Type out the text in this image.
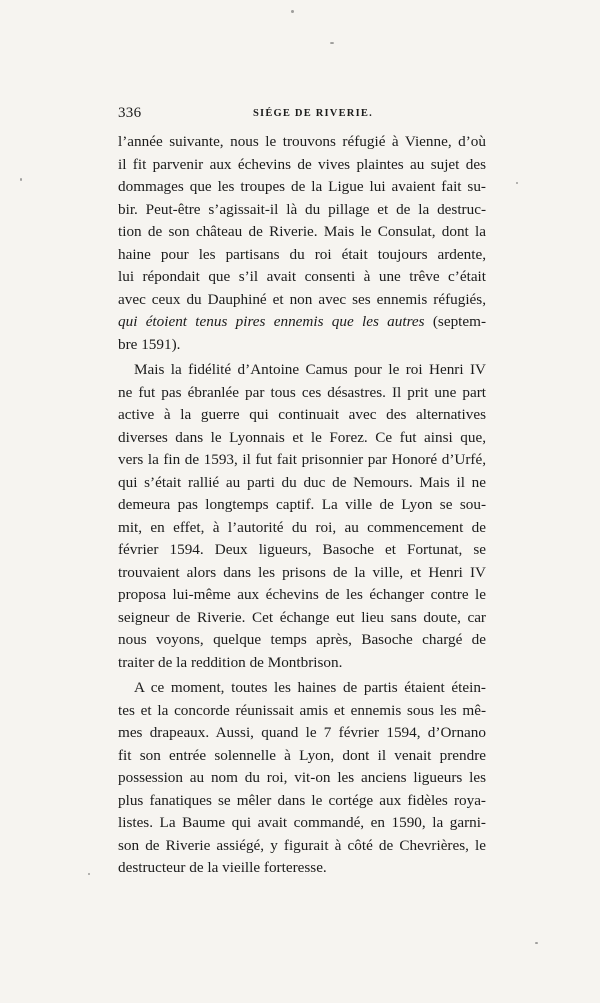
336	SIÉGE DE RIVERIE.
l’année suivante, nous le trouvons réfugié à Vienne, d’où
il fit parvenir aux échevins de vives plaintes au sujet des
dommages que les troupes de la Ligue lui avaient fait su-
bir. Peut-être s’agissait-il là du pillage et de la destruc-
tion de son château de Riverie. Mais le Consulat, dont la
haine pour les partisans du roi était toujours ardente,
lui répondait que s’il avait consenti à une trêve c’était
avec ceux du Dauphiné et non avec ses ennemis réfugiés,
qui étoient tenus pires ennemis que les autres (septem-
bre 1591).
Mais la fidélité d’Antoine Camus pour le roi Henri IV
ne fut pas ébranlée par tous ces désastres. Il prit une part
active à la guerre qui continuait avec des alternatives
diverses dans le Lyonnais et le Forez. Ce fut ainsi que,
vers la fin de 1593, il fut fait prisonnier par Honoré d’Urfé,
qui s’était rallié au parti du duc de Nemours. Mais il ne
demeura pas longtemps captif. La ville de Lyon se sou-
mit, en effet, à l’autorité du roi, au commencement de
février 1594. Deux ligueurs, Basoche et Fortunat, se
trouvaient alors dans les prisons de la ville, et Henri IV
proposa lui-même aux échevins de les échanger contre le
seigneur de Riverie. Cet échange eut lieu sans doute, car
nous voyons, quelque temps après, Basoche chargé de
traiter de la reddition de Montbrison.
A ce moment, toutes les haines de partis étaient étein-
tes et la concorde réunissait amis et ennemis sous les mê-
mes drapeaux. Aussi, quand le 7 février 1594, d’Ornano
fit son entrée solennelle à Lyon, dont il venait prendre
possession au nom du roi, vit-on les anciens ligueurs les
plus fanatiques se mêler dans le cortége aux fidèles roya-
listes. La Baume qui avait commandé, en 1590, la garni-
son de Riverie assiégé, y figurait à côté de Chevrières, le
destructeur de la vieille forteresse.
